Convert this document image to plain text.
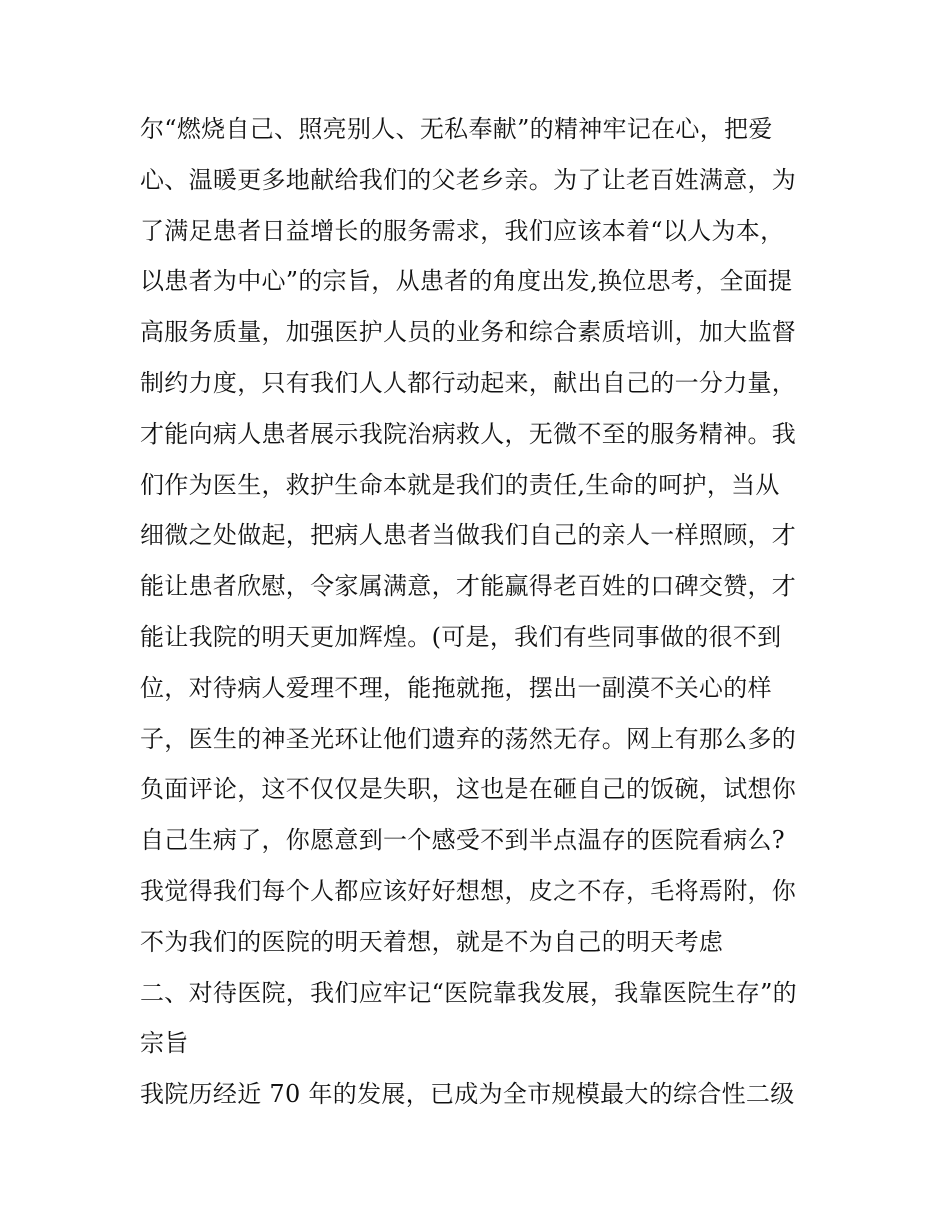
尔“燃烧自己、照亮别人、无私奉献”的精神牢记在心，把爱
心、温暖更多地献给我们的父老乡亲。为了让老百姓满意，为
了满足患者日益增长的服务需求，我们应该本着“以人为本，
以患者为中心”的宗旨，从患者的角度出发,换位思考，全面提
高服务质量，加强医护人员的业务和综合素质培训，加大监督
制约力度，只有我们人人都行动起来，献出自己的一分力量，
才能向病人患者展示我院治病救人，无微不至的服务精神。我
们作为医生，救护生命本就是我们的责任,生命的呵护，当从
细微之处做起，把病人患者当做我们自己的亲人一样照顾，才
能让患者欣慰，令家属满意，才能赢得老百姓的口碑交赞，才
能让我院的明天更加辉煌。(可是，我们有些同事做的很不到
位，对待病人爱理不理，能拖就拖，摆出一副漠不关心的样
子，医生的神圣光环让他们遗弃的荡然无存。网上有那么多的
负面评论，这不仅仅是失职，这也是在砸自己的饭碗，试想你
自己生病了，你愿意到一个感受不到半点温存的医院看病么?
我觉得我们每个人都应该好好想想，皮之不存，毛将焉附，你
不为我们的医院的明天着想，就是不为自己的明天考虑
二、对待医院，我们应牢记“医院靠我发展，我靠医院生存”的
宗旨
我院历经近 70 年的发展，已成为全市规模最大的综合性二级
